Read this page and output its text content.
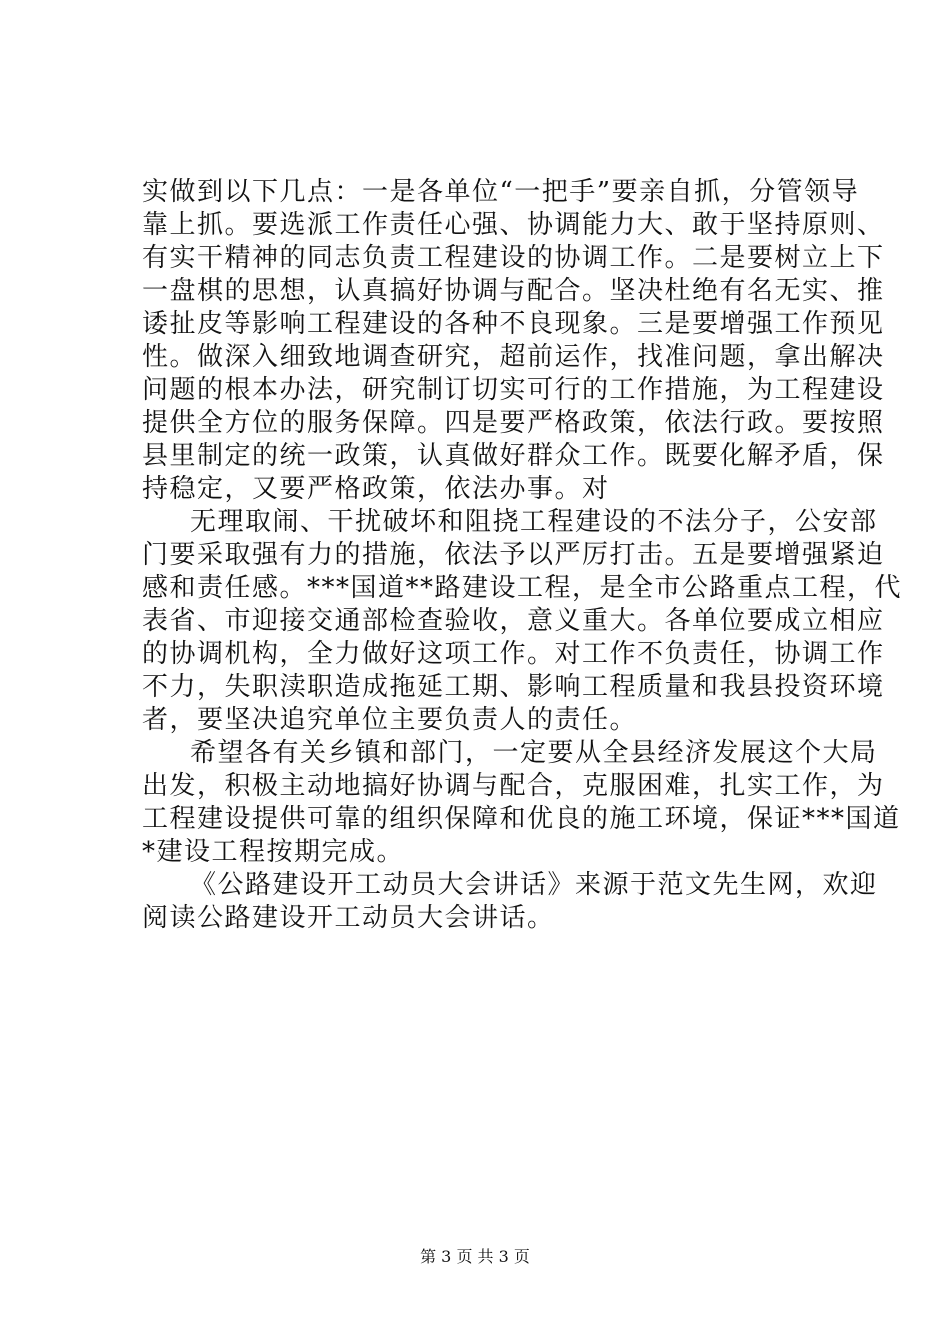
实做到以下几点：一是各单位“一把手”要亲自抓，分管领导
靠上抓。要选派工作责任心强、协调能力大、敢于坚持原则、
有实干精神的同志负责工程建设的协调工作。二是要树立上下
一盘棋的思想，认真搞好协调与配合。坚决杜绝有名无实、推
诿扯皮等影响工程建设的各种不良现象。三是要增强工作预见
性。做深入细致地调查研究，超前运作，找准问题，拿出解决
问题的根本办法，研究制订切实可行的工作措施，为工程建设
提供全方位的服务保障。四是要严格政策，依法行政。要按照
县里制定的统一政策，认真做好群众工作。既要化解矛盾，保
持稳定，又要严格政策，依法办事。对
无理取闹、干扰破坏和阻挠工程建设的不法分子，公安部
门要采取强有力的措施，依法予以严厉打击。五是要增强紧迫
感和责任感。***国道**路建设工程，是全市公路重点工程，代
表省、市迎接交通部检查验收，意义重大。各单位要成立相应
的协调机构，全力做好这项工作。对工作不负责任，协调工作
不力，失职渎职造成拖延工期、影响工程质量和我县投资环境
者，要坚决追究单位主要负责人的责任。
希望各有关乡镇和部门，一定要从全县经济发展这个大局
出发，积极主动地搞好协调与配合，克服困难，扎实工作，为
工程建设提供可靠的组织保障和优良的施工环境，保证***国道
*建设工程按期完成。
《公路建设开工动员大会讲话》来源于范文先生网，欢迎
阅读公路建设开工动员大会讲话。
第 3 页 共 3 页
